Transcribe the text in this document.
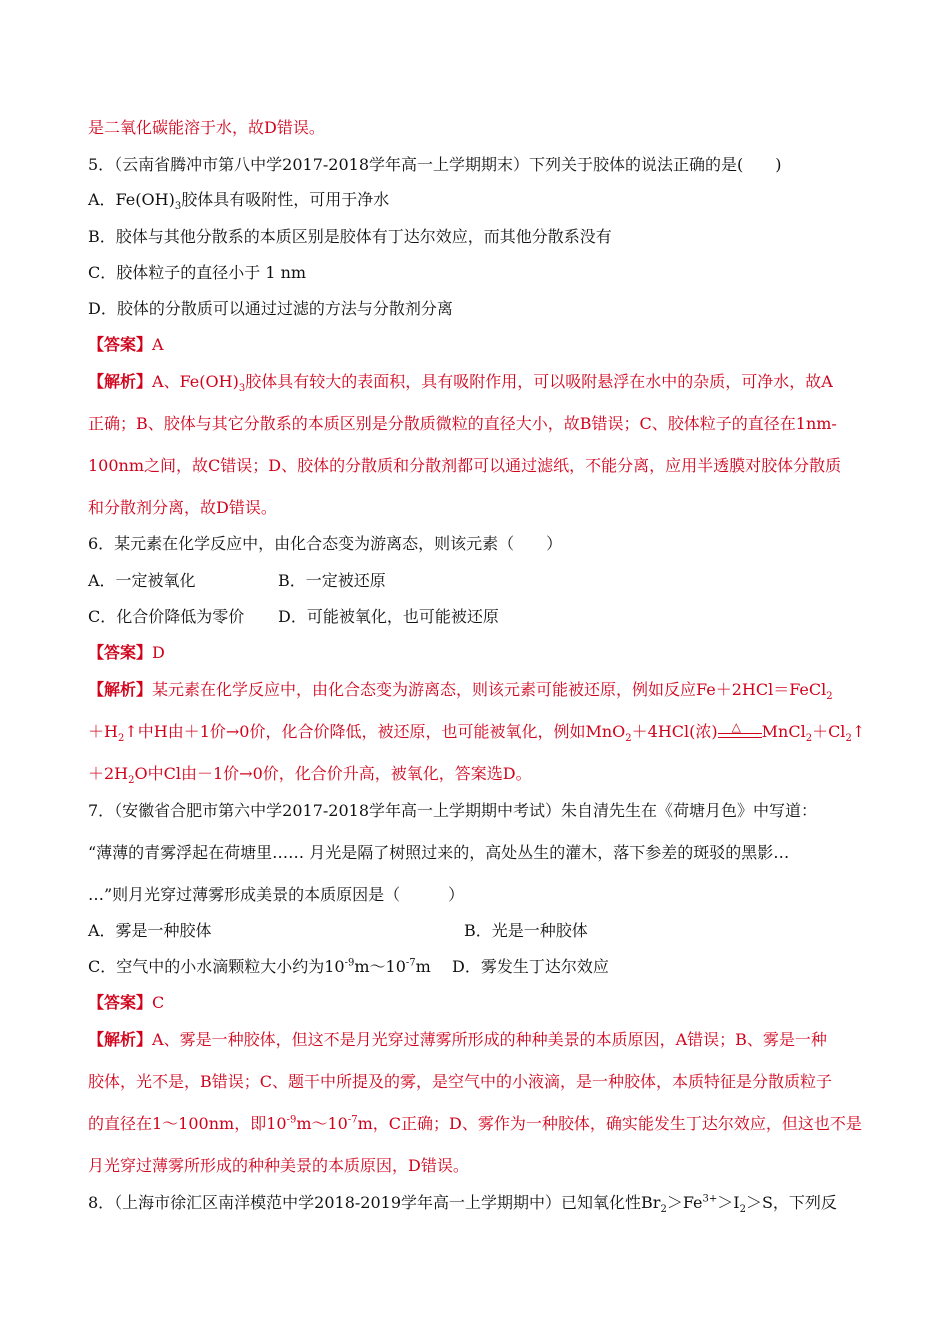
是二氧化碳能溶于水，故D错误。
5．（云南省腾冲市第八中学2017-2018学年高一上学期期末）下列关于胶体的说法正确的是(　　)
A．$Fe(OH)_3$胶体具有吸附性，可用于净水
B．胶体与其他分散系的本质区别是胶体有丁达尔效应，而其他分散系没有
C．胶体粒子的直径小于 1 nm
D．胶体的分散质可以通过过滤的方法与分散剂分离
【答案】A
【解析】A、$Fe(OH)_3$胶体具有较大的表面积，具有吸附作用，可以吸附悬浮在水中的杂质，可净水，故A
正确；B、胶体与其它分散系的本质区别是分散质微粒的直径大小，故B错误；C、胶体粒子的直径在1nm-
100nm之间，故C错误；D、胶体的分散质和分散剂都可以通过滤纸，不能分离，应用半透膜对胶体分散质
和分散剂分离，故D错误。
6．某元素在化学反应中，由化合态变为游离态，则该元素（　　）
A．一定被氧化	B．一定被还原
C．化合价降低为零价 D．可能被氧化，也可能被还原
【答案】D
【解析】某元素在化学反应中，由化合态变为游离态，则该元素可能被还原，例如反应Fe＋2HCl＝FeCl$_2$
$+H_2↑$中H由＋1价→0价，化合价降低，被还原，也可能被氧化，例如MnO$_2$＋4HCl(浓) △ $MnCl_2+Cl_2↑$
$+2H_2O$中Cl由－1价→0价，化合价升高，被氧化，答案选D。
7．（安徽省合肥市第六中学2017-2018学年高一上学期期中考试）朱自清先生在《荷塘月色》中写道：
“薄薄的青雾浮起在荷塘里…… 月光是隔了树照过来的，高处丛生的灌木，落下参差的斑驳的黑影…
…”则月光穿过薄雾形成美景的本质原因是（　　　）
A．雾是一种胶体	B．光是一种胶体
C．空气中的小水滴颗粒大小约为$10^{-9}m\sim 10^{-7}m$ D．雾发生丁达尔效应
【答案】C
【解析】A、雾是一种胶体，但这不是月光穿过薄雾所形成的种种美景的本质原因，A错误；B、雾是一种
胶体，光不是，B错误；C、题干中所提及的雾，是空气中的小液滴，是一种胶体，本质特征是分散质粒子
的直径在1～100nm，即$10^{-9}m\sim 10^{-7}m$，C正确；D、雾作为一种胶体，确实能发生丁达尔效应，但这也不是
月光穿过薄雾所形成的种种美景的本质原因，D错误。
8．（上海市徐汇区南洋模范中学2018-2019学年高一上学期期中）已知氧化性$Br_2>Fe^{3+}>I_2>S$，下列反
